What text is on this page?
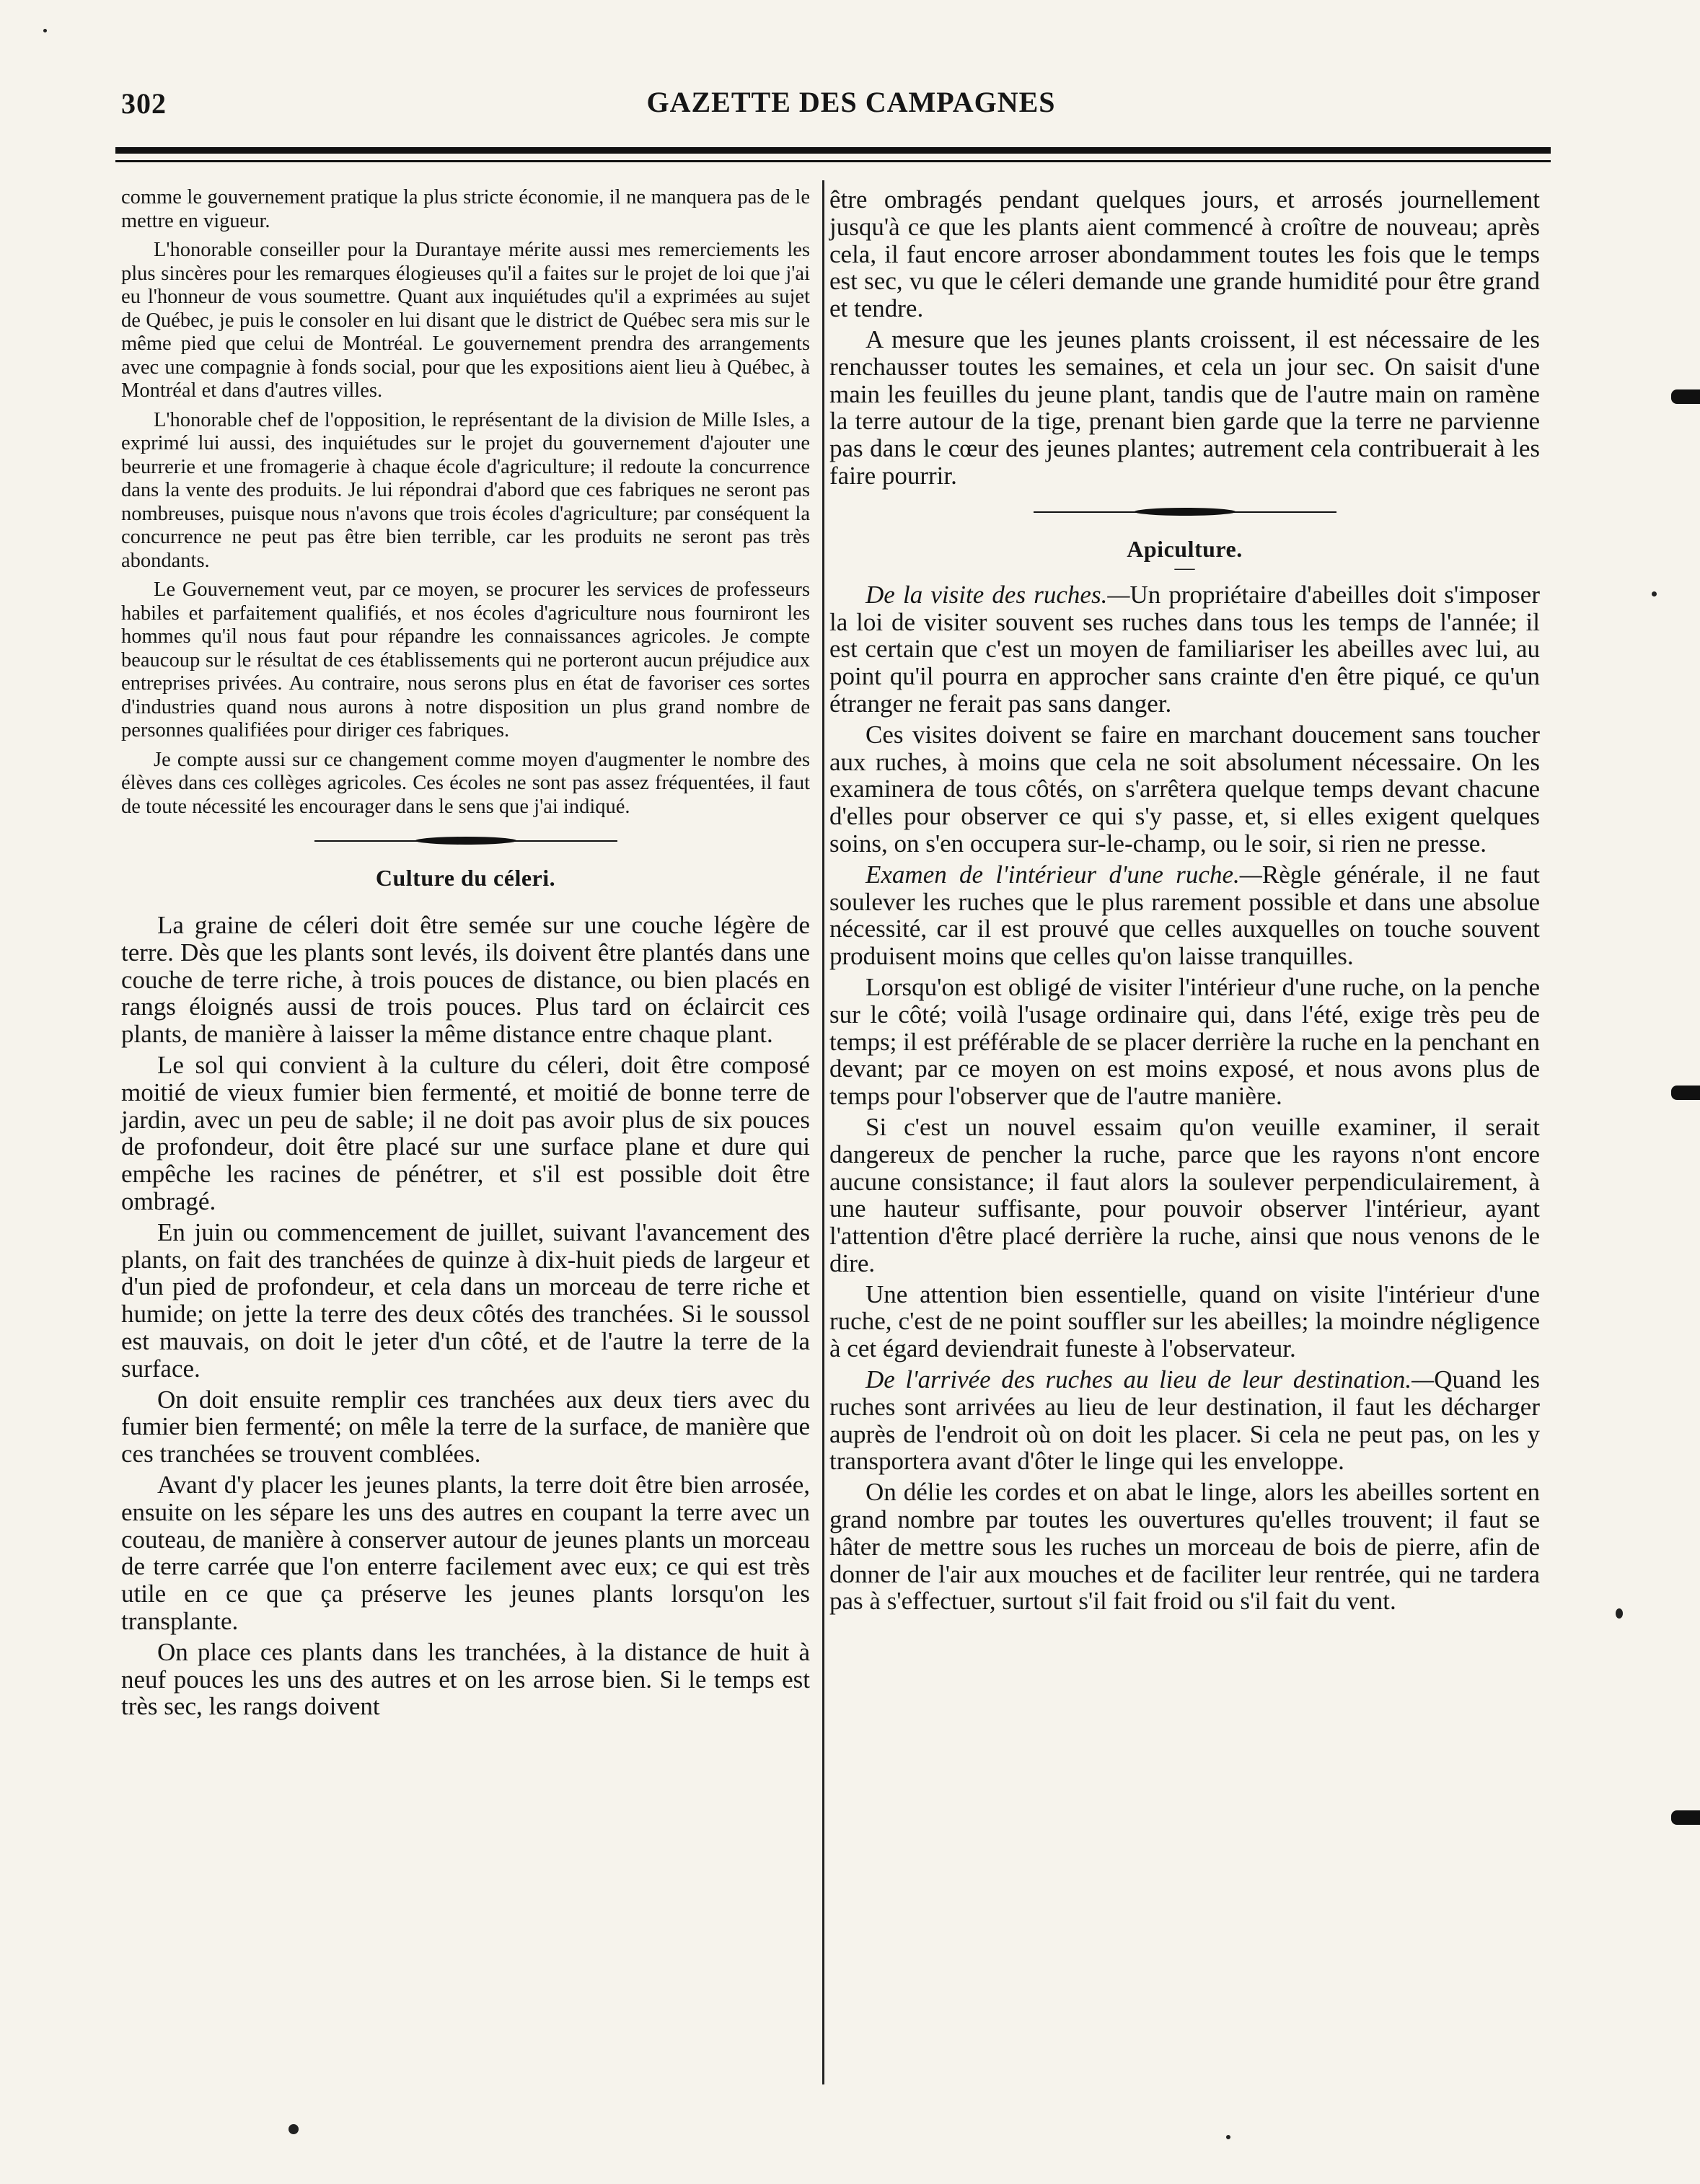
302	GAZETTE DES CAMPAGNES

comme le gouvernement pratique la plus stricte économie, il ne manquera pas de le mettre en vigueur.

L'honorable conseiller pour la Durantaye mérite aussi mes remerciements les plus sincères pour les remarques élogieuses qu'il a faites sur le projet de loi que j'ai eu l'honneur de vous soumettre. Quant aux inquiétudes qu'il a exprimées au sujet de Québec, je puis le consoler en lui disant que le district de Québec sera mis sur le même pied que celui de Montréal. Le gouvernement prendra des arrangements avec une compagnie à fonds social, pour que les expositions aient lieu à Québec, à Montréal et dans d'autres villes.

L'honorable chef de l'opposition, le représentant de la division de Mille Isles, a exprimé lui aussi, des inquiétudes sur le projet du gouvernement d'ajouter une beurrerie et une fromagerie à chaque école d'agriculture; il redoute la concurrence dans la vente des produits. Je lui répondrai d'abord que ces fabriques ne seront pas nombreuses, puisque nous n'avons que trois écoles d'agriculture; par conséquent la concurrence ne peut pas être bien terrible, car les produits ne seront pas très abondants.

Le Gouvernement veut, par ce moyen, se procurer les services de professeurs habiles et parfaitement qualifiés, et nos écoles d'agriculture nous fourniront les hommes qu'il nous faut pour répandre les connaissances agricoles. Je compte beaucoup sur le résultat de ces établissements qui ne porteront aucun préjudice aux entreprises privées. Au contraire, nous serons plus en état de favoriser ces sortes d'industries quand nous aurons à notre disposition un plus grand nombre de personnes qualifiées pour diriger ces fabriques.

Je compte aussi sur ce changement comme moyen d'augmenter le nombre des élèves dans ces collèges agricoles. Ces écoles ne sont pas assez fréquentées, il faut de toute nécessité les encourager dans le sens que j'ai indiqué.

Culture du céleri.

La graine de céleri doit être semée sur une couche légère de terre. Dès que les plants sont levés, ils doivent être plantés dans une couche de terre riche, à trois pouces de distance, ou bien placés en rangs éloignés aussi de trois pouces. Plus tard on éclaircit ces plants, de manière à laisser la même distance entre chaque plant.

Le sol qui convient à la culture du céleri, doit être composé moitié de vieux fumier bien fermenté, et moitié de bonne terre de jardin, avec un peu de sable; il ne doit pas avoir plus de six pouces de profondeur, doit être placé sur une surface plane et dure qui empêche les racines de pénétrer, et s'il est possible doit être ombragé.

En juin ou commencement de juillet, suivant l'avancement des plants, on fait des tranchées de quinze à dix-huit pieds de largeur et d'un pied de profondeur, et cela dans un morceau de terre riche et humide; on jette la terre des deux côtés des tranchées. Si le soussol est mauvais, on doit le jeter d'un côté, et de l'autre la terre de la surface.

On doit ensuite remplir ces tranchées aux deux tiers avec du fumier bien fermenté; on mêle la terre de la surface, de manière que ces tranchées se trouvent comblées.

Avant d'y placer les jeunes plants, la terre doit être bien arrosée, ensuite on les sépare les uns des autres en coupant la terre avec un couteau, de manière à conserver autour de jeunes plants un morceau de terre carrée que l'on enterre facilement avec eux; ce qui est très utile en ce que ça préserve les jeunes plants lorsqu'on les transplante.

On place ces plants dans les tranchées, à la distance de huit à neuf pouces les uns des autres et on les arrose bien. Si le temps est très sec, les rangs doivent

être ombragés pendant quelques jours, et arrosés journellement jusqu'à ce que les plants aient commencé à croître de nouveau; après cela, il faut encore arroser abondamment toutes les fois que le temps est sec, vu que le céleri demande une grande humidité pour être grand et tendre.

A mesure que les jeunes plants croissent, il est nécessaire de les renchausser toutes les semaines, et cela un jour sec. On saisit d'une main les feuilles du jeune plant, tandis que de l'autre main on ramène la terre autour de la tige, prenant bien garde que la terre ne parvienne pas dans le cœur des jeunes plantes; autrement cela contribuerait à les faire pourrir.

Apiculture.
—

De la visite des ruches.—Un propriétaire d'abeilles doit s'imposer la loi de visiter souvent ses ruches dans tous les temps de l'année; il est certain que c'est un moyen de familiariser les abeilles avec lui, au point qu'il pourra en approcher sans crainte d'en être piqué, ce qu'un étranger ne ferait pas sans danger.

Ces visites doivent se faire en marchant doucement sans toucher aux ruches, à moins que cela ne soit absolument nécessaire. On les examinera de tous côtés, on s'arrêtera quelque temps devant chacune d'elles pour observer ce qui s'y passe, et, si elles exigent quelques soins, on s'en occupera sur-le-champ, ou le soir, si rien ne presse.

Examen de l'intérieur d'une ruche.—Règle générale, il ne faut soulever les ruches que le plus rarement possible et dans une absolue nécessité, car il est prouvé que celles auxquelles on touche souvent produisent moins que celles qu'on laisse tranquilles.

Lorsqu'on est obligé de visiter l'intérieur d'une ruche, on la penche sur le côté; voilà l'usage ordinaire qui, dans l'été, exige très peu de temps; il est préférable de se placer derrière la ruche en la penchant en devant; par ce moyen on est moins exposé, et nous avons plus de temps pour l'observer que de l'autre manière.

Si c'est un nouvel essaim qu'on veuille examiner, il serait dangereux de pencher la ruche, parce que les rayons n'ont encore aucune consistance; il faut alors la soulever perpendiculairement, à une hauteur suffisante, pour pouvoir observer l'intérieur, ayant l'attention d'être placé derrière la ruche, ainsi que nous venons de le dire.

Une attention bien essentielle, quand on visite l'intérieur d'une ruche, c'est de ne point souffler sur les abeilles; la moindre négligence à cet égard deviendrait funeste à l'observateur.

De l'arrivée des ruches au lieu de leur destination.—Quand les ruches sont arrivées au lieu de leur destination, il faut les décharger auprès de l'endroit où on doit les placer. Si cela ne peut pas, on les y transportera avant d'ôter le linge qui les enveloppe.

On délie les cordes et on abat le linge, alors les abeilles sortent en grand nombre par toutes les ouvertures qu'elles trouvent; il faut se hâter de mettre sous les ruches un morceau de bois de pierre, afin de donner de l'air aux mouches et de faciliter leur rentrée, qui ne tardera pas à s'effectuer, surtout s'il fait froid ou s'il fait du vent.
